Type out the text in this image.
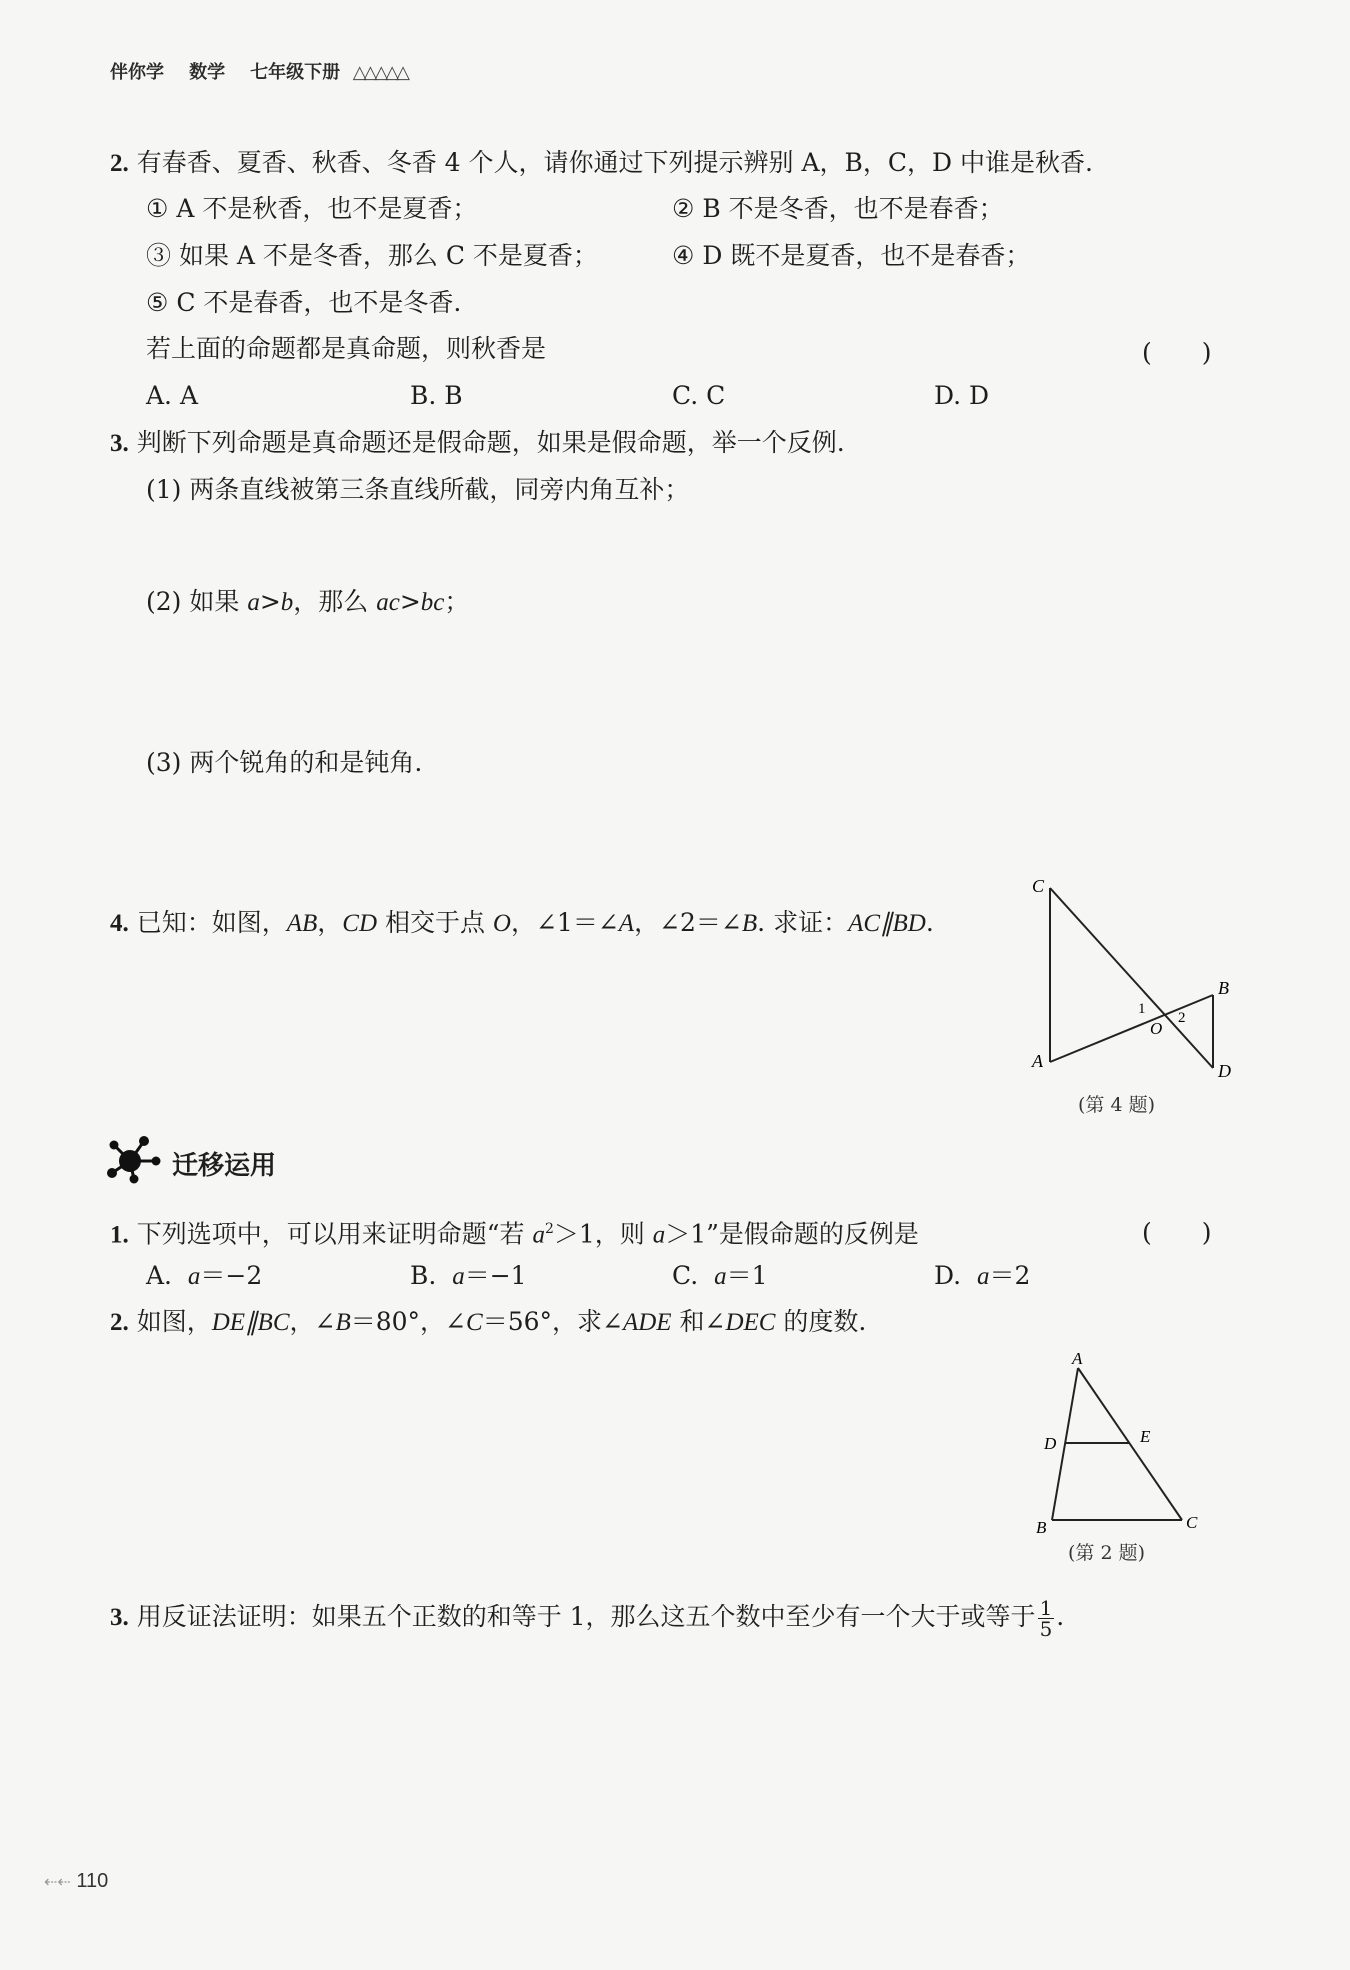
伴你学 数学 七年级下册 △△△△△
2. 有春香、夏香、秋香、冬香 4 个人，请你通过下列提示辨别 A，B，C，D 中谁是秋香.
① A 不是秋香，也不是夏香；	② B 不是冬香，也不是春香；
③ 如果 A 不是冬香，那么 C 不是夏香；	④ D 既不是夏香，也不是春香；
⑤ C 不是春香，也不是冬香.
若上面的命题都是真命题，则秋香是	(　　)
A. A	B. B	C. C	D. D
3. 判断下列命题是真命题还是假命题，如果是假命题，举一个反例.
(1) 两条直线被第三条直线所截，同旁内角互补；
(2) 如果 a>b，那么 ac>bc；
(3) 两个锐角的和是钝角.
4. 已知：如图，AB，CD 相交于点 O，∠1＝∠A，∠2＝∠B. 求证：AC∥BD.
C
A
B
D
O
1
2
(第 4 题)
迁移运用
1. 下列选项中，可以用来证明命题“若 $a^2>1$，则 a＞1”是假命题的反例是	(　　)
A. a＝−2	B. a＝−1	C. a＝1	D. a＝2
2. 如图，DE∥BC，∠B＝80°，∠C＝56°，求∠ADE 和∠DEC 的度数.
A
D	E
B	C
(第 2 题)
3. 用反证法证明：如果五个正数的和等于 1，那么这五个数中至少有一个大于或等于 $\frac{1}{5}$ .
⇠⇠ 110
